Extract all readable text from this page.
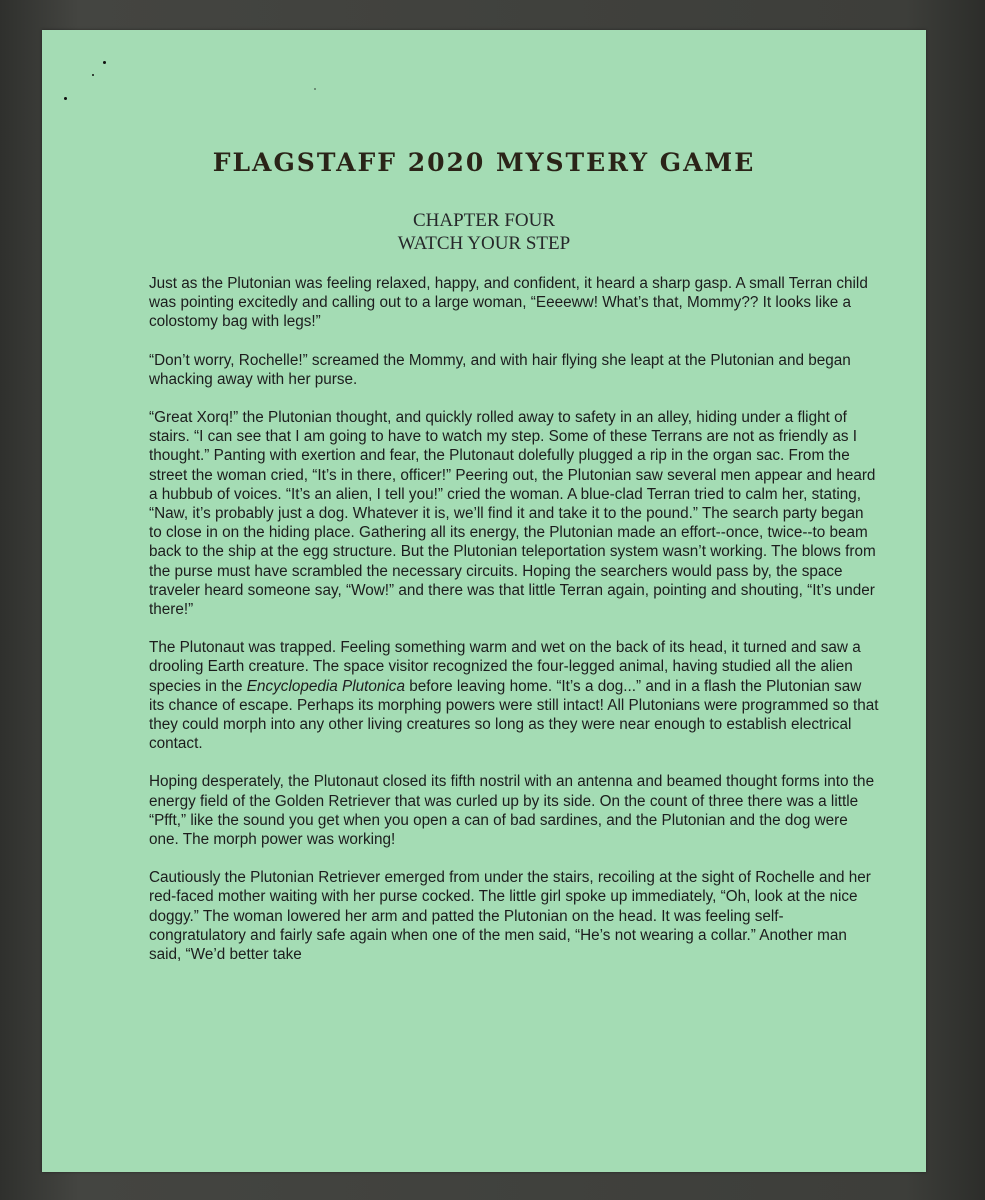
FLAGSTAFF 2020 MYSTERY GAME

CHAPTER FOUR

WATCH YOUR STEP

Just as the Plutonian was feeling relaxed, happy, and confident, it heard a sharp gasp. A small Terran child was pointing excitedly and calling out to a large woman, “Eeeeww! What’s that, Mommy?? It looks like a colostomy bag with legs!”

“Don’t worry, Rochelle!” screamed the Mommy, and with hair flying she leapt at the Plutonian and began whacking away with her purse.

“Great Xorq!” the Plutonian thought, and quickly rolled away to safety in an alley, hiding under a flight of stairs. “I can see that I am going to have to watch my step. Some of these Terrans are not as friendly as I thought.” Panting with exertion and fear, the Plutonaut dolefully plugged a rip in the organ sac. From the street the woman cried, “It’s in there, officer!” Peering out, the Plutonian saw several men appear and heard a hubbub of voices. “It’s an alien, I tell you!” cried the woman. A blue-clad Terran tried to calm her, stating, “Naw, it’s probably just a dog. Whatever it is, we’ll find it and take it to the pound.” The search party began to close in on the hiding place. Gathering all its energy, the Plutonian made an effort--once, twice--to beam back to the ship at the egg structure. But the Plutonian teleportation system wasn’t working. The blows from the purse must have scrambled the necessary circuits. Hoping the searchers would pass by, the space traveler heard someone say, “Wow!” and there was that little Terran again, pointing and shouting, “It’s under there!”

The Plutonaut was trapped. Feeling something warm and wet on the back of its head, it turned and saw a drooling Earth creature. The space visitor recognized the four-legged animal, having studied all the alien species in the Encyclopedia Plutonica before leaving home. “It’s a dog...” and in a flash the Plutonian saw its chance of escape. Perhaps its morphing powers were still intact! All Plutonians were programmed so that they could morph into any other living creatures so long as they were near enough to establish electrical contact.

Hoping desperately, the Plutonaut closed its fifth nostril with an antenna and beamed thought forms into the energy field of the Golden Retriever that was curled up by its side. On the count of three there was a little “Pfft,” like the sound you get when you open a can of bad sardines, and the Plutonian and the dog were one. The morph power was working!

Cautiously the Plutonian Retriever emerged from under the stairs, recoiling at the sight of Rochelle and her red-faced mother waiting with her purse cocked. The little girl spoke up immediately, “Oh, look at the nice doggy.” The woman lowered her arm and patted the Plutonian on the head. It was feeling self-congratulatory and fairly safe again when one of the men said, “He’s not wearing a collar.” Another man said, “We’d better take
